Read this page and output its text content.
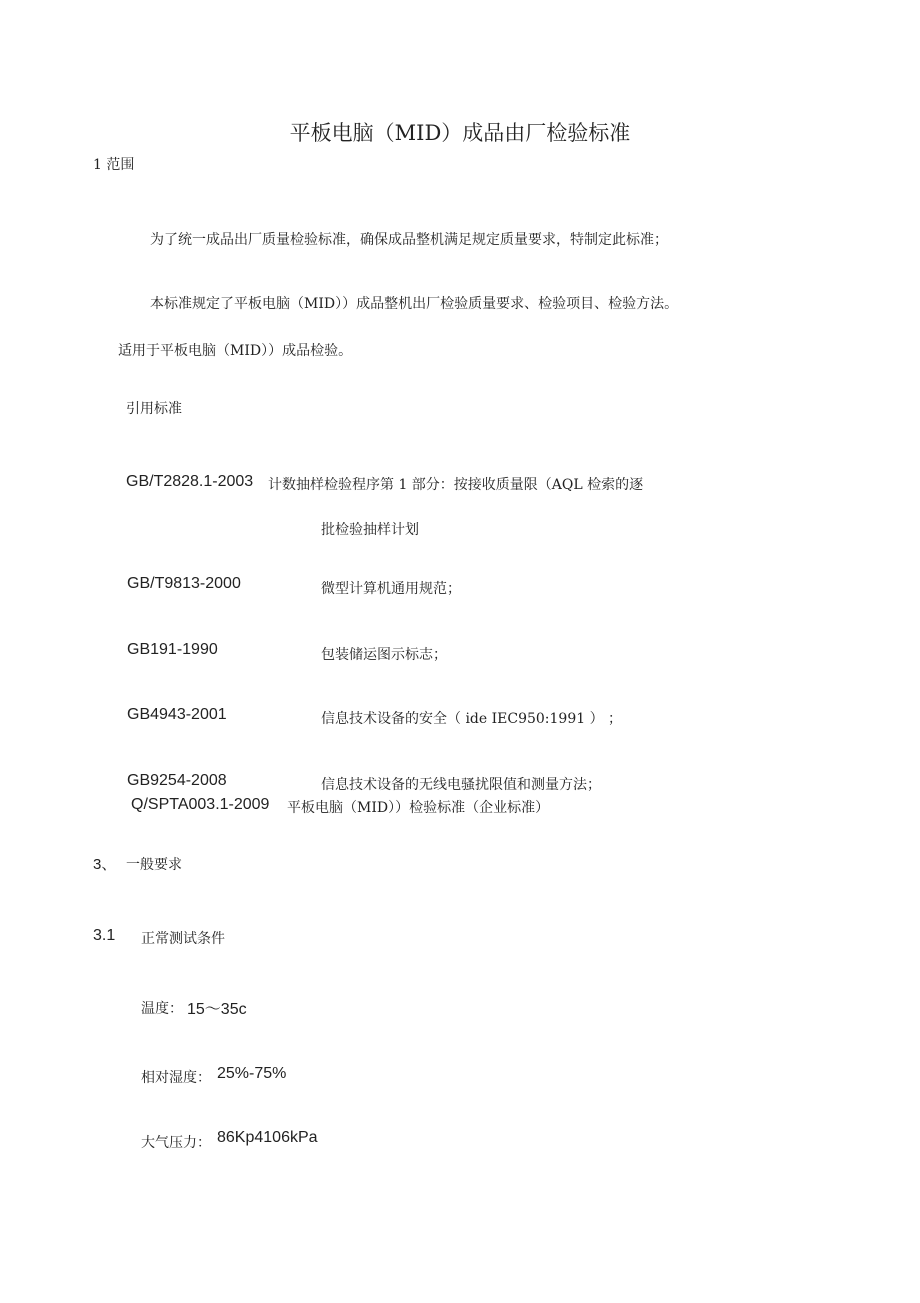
平板电脑（MID）成品由厂检验标准
1 范围
为了统一成品出厂质量检验标准，确保成品整机满足规定质量要求，特制定此标准；
本标准规定了平板电脑（MID））成品整机出厂检验质量要求、检验项目、检验方法。
适用于平板电脑（MID））成品检验。
引用标准
GB/T2828.1-2003 计数抽样检验程序第 1 部分：按接收质量限（AQL 检索的逐
批检验抽样计划
GB/T9813-2000	微型计算机通用规范；
GB191-1990	包装储运图示标志；
GB4943-2001	信息技术设备的安全（ ide IEC950:1991 ） ；
GB9254-2008	信息技术设备的无线电骚扰限值和测量方法；
Q/SPTA003.1-2009 平板电脑（MID））检验标准（企业标准）
3、 一般要求
3.1 正常测试条件
温度： 15〜35c
相对湿度： 25%-75%
大气压力： 86Kp4106kPa
